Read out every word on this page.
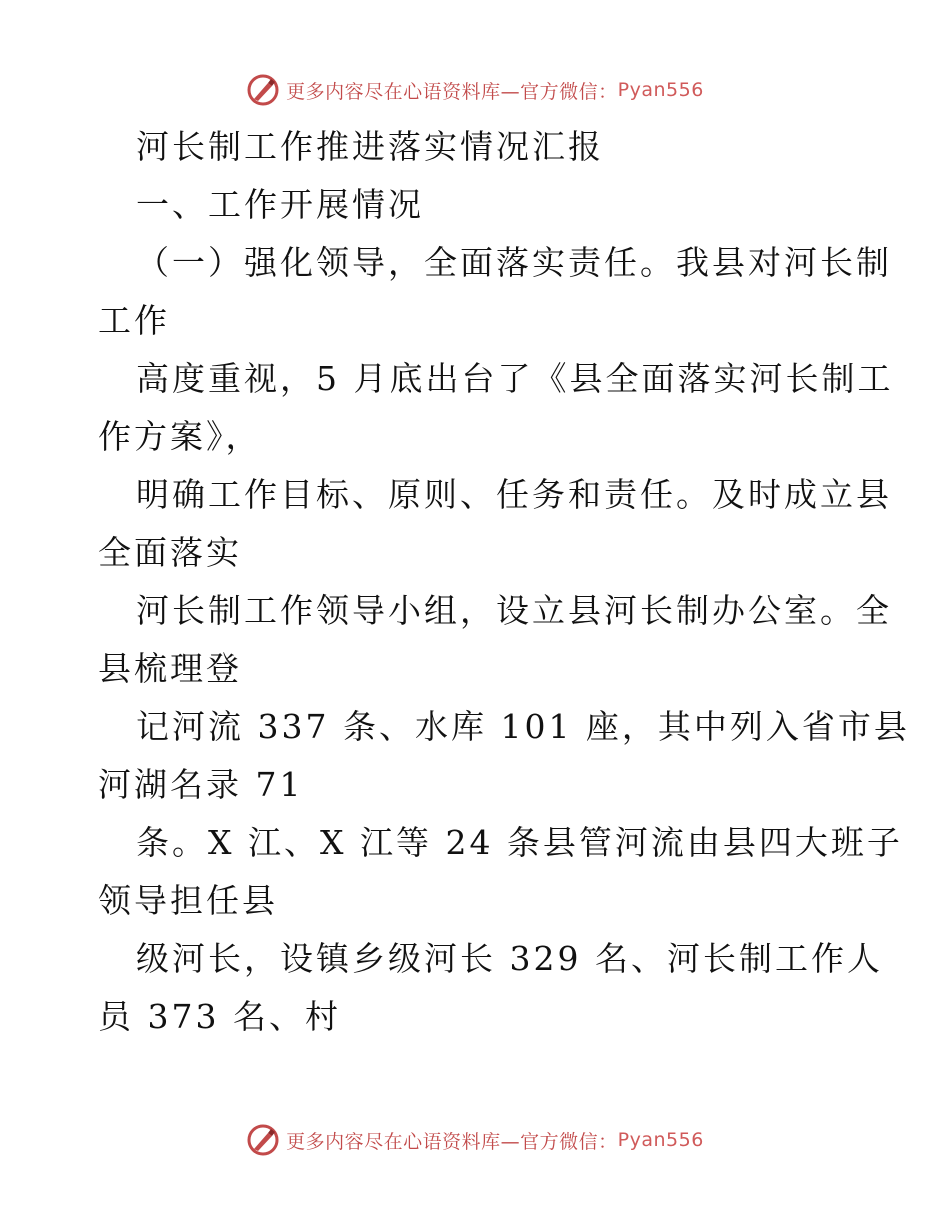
更多内容尽在心语资料库—官方微信： Pyan556
河长制工作推进落实情况汇报
一、工作开展情况
（一）强化领导，全面落实责任。我县对河长制
工作
高度重视，5 月底出台了《县全面落实河长制工
作方案》，
明确工作目标、原则、任务和责任。及时成立县
全面落实
河长制工作领导小组，设立县河长制办公室。全
县梳理登
记河流 337 条、水库 101 座，其中列入省市县
河湖名录 71
条。X 江、X 江等 24 条县管河流由县四大班子
领导担任县
级河长，设镇乡级河长 329 名、河长制工作人
员 373 名、村
更多内容尽在心语资料库—官方微信： Pyan556
